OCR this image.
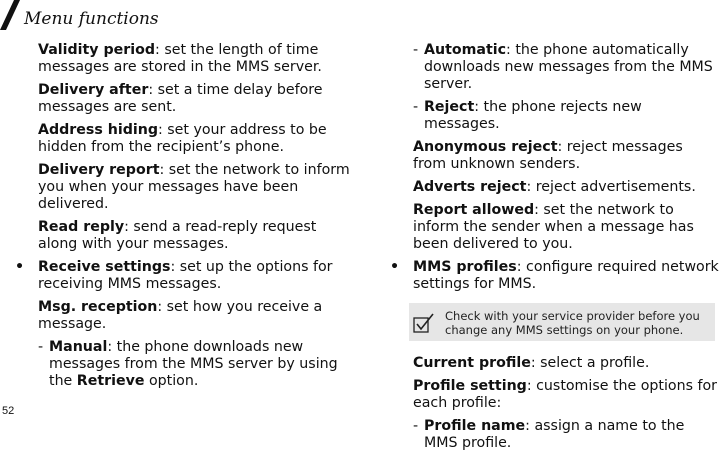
Menu functions

Validity period: set the length of time messages are stored in the MMS server.

Delivery after: set a time delay before messages are sent.

Address hiding: set your address to be hidden from the recipient’s phone.

Delivery report: set the network to inform you when your messages have been delivered.

Read reply: send a read-reply request along with your messages.

• Receive settings: set up the options for receiving MMS messages.

Msg. reception: set how you receive a message.

- Manual: the phone downloads new messages from the MMS server by using the Retrieve option.

- Automatic: the phone automatically downloads new messages from the MMS server.

- Reject: the phone rejects new messages.

Anonymous reject: reject messages from unknown senders.

Adverts reject: reject advertisements.

Report allowed: set the network to inform the sender when a message has been delivered to you.

• MMS profiles: configure required network settings for MMS.

Check with your service provider before you change any MMS settings on your phone.

Current profile: select a profile.

Profile setting: customise the options for each profile:

- Profile name: assign a name to the MMS profile.

52
